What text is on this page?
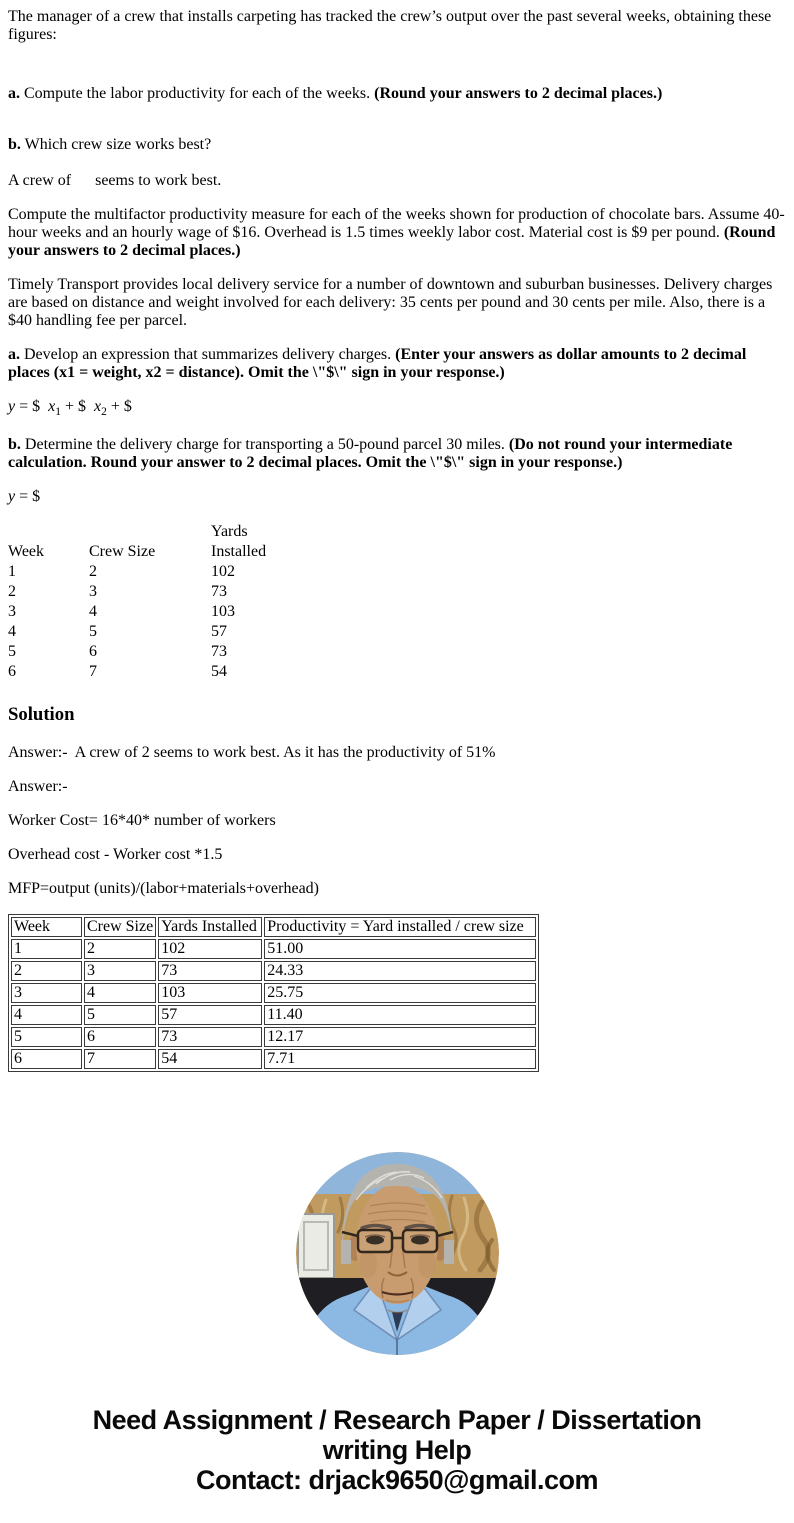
The manager of a crew that installs carpeting has tracked the crew’s output over the past several weeks, obtaining these figures:

a. Compute the labor productivity for each of the weeks. (Round your answers to 2 decimal places.)

b. Which crew size works best?

A crew of      seems to work best.

Compute the multifactor productivity measure for each of the weeks shown for production of chocolate bars. Assume 40-hour weeks and an hourly wage of $16. Overhead is 1.5 times weekly labor cost. Material cost is $9 per pound. (Round your answers to 2 decimal places.)

Timely Transport provides local delivery service for a number of downtown and suburban businesses. Delivery charges are based on distance and weight involved for each delivery: 35 cents per pound and 30 cents per mile. Also, there is a $40 handling fee per parcel.

a. Develop an expression that summarizes delivery charges. (Enter your answers as dollar amounts to 2 decimal places (x1 = weight, x2 = distance). Omit the \"$\" sign in your response.)

y = $  $x_1$ + $  $x_2$ + $

b. Determine the delivery charge for transporting a 50-pound parcel 30 miles. (Do not round your intermediate calculation. Round your answer to 2 decimal places. Omit the \"$\" sign in your response.)

y = $

Week	Crew Size	Yards Installed
1	2	102
2	3	73
3	4	103
4	5	57
5	6	73
6	7	54
Solution

Answer:-  A crew of 2 seems to work best. As it has the productivity of 51%

Answer:-

Worker Cost= 16*40* number of workers

Overhead cost - Worker cost *1.5

MFP=output (units)/(labor+materials+overhead)

Week	Crew Size	Yards Installed	Productivity = Yard installed / crew size
1	2	102	51.00
2	3	73	24.33
3	4	103	25.75
4	5	57	11.40
5	6	73	12.17
6	7	54	7.71
Need Assignment / Research Paper / Dissertation
writing Help
Contact: drjack9650@gmail.com
